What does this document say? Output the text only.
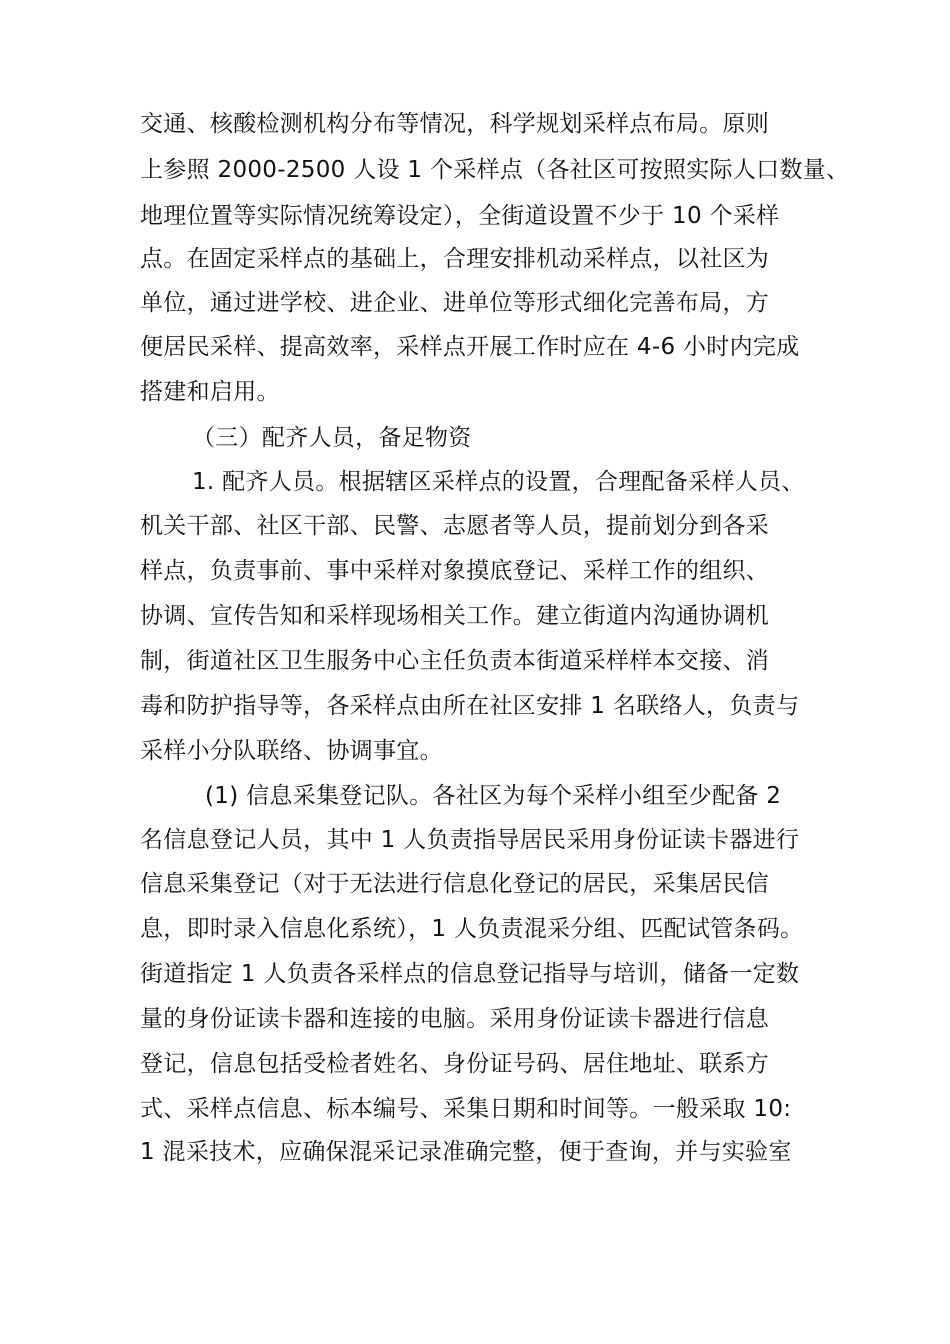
交通、核酸检测机构分布等情况，科学规划采样点布局。原则
上参照 2000-2500 人设 1 个采样点（各社区可按照实际人口数量、
地理位置等实际情况统筹设定），全街道设置不少于 10 个采样
点。在固定采样点的基础上，合理安排机动采样点，以社区为
单位，通过进学校、进企业、进单位等形式细化完善布局，方
便居民采样、提高效率，采样点开展工作时应在 4-6 小时内完成
搭建和启用。
（三）配齐人员，备足物资
1. 配齐人员。根据辖区采样点的设置，合理配备采样人员、
机关干部、社区干部、民警、志愿者等人员，提前划分到各采
样点，负责事前、事中采样对象摸底登记、采样工作的组织、
协调、宣传告知和采样现场相关工作。建立街道内沟通协调机
制，街道社区卫生服务中心主任负责本街道采样样本交接、消
毒和防护指导等，各采样点由所在社区安排 1 名联络人，负责与
采样小分队联络、协调事宜。
(1) 信息采集登记队。各社区为每个采样小组至少配备 2
名信息登记人员，其中 1 人负责指导居民采用身份证读卡器进行
信息采集登记（对于无法进行信息化登记的居民，采集居民信
息，即时录入信息化系统），1 人负责混采分组、匹配试管条码。
街道指定 1 人负责各采样点的信息登记指导与培训，储备一定数
量的身份证读卡器和连接的电脑。采用身份证读卡器进行信息
登记，信息包括受检者姓名、身份证号码、居住地址、联系方
式、采样点信息、标本编号、采集日期和时间等。一般采取 10:
1 混采技术，应确保混采记录准确完整，便于查询，并与实验室
